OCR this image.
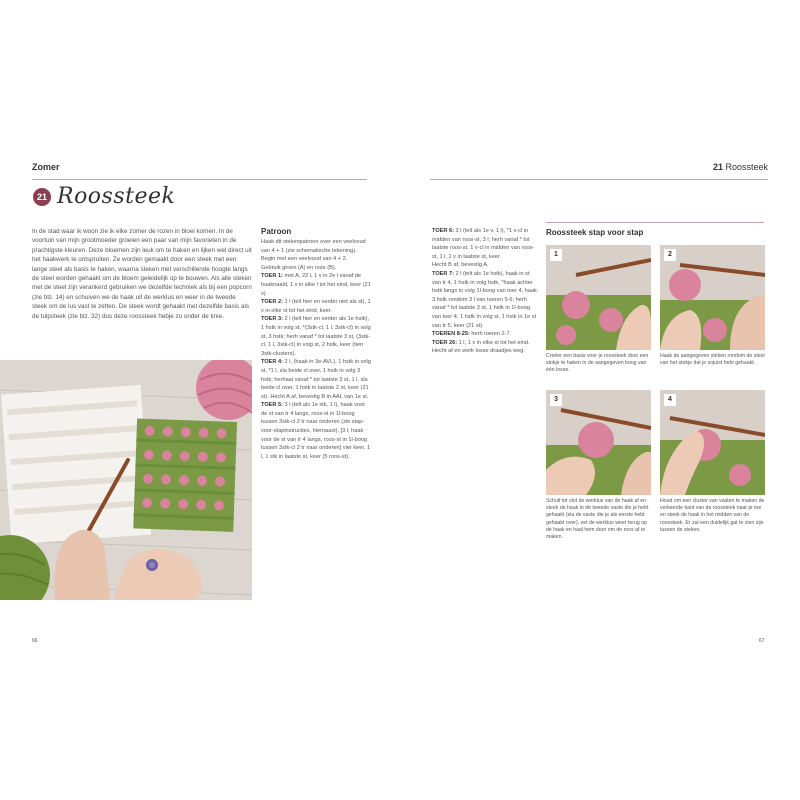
Zomer
21 Roossteek

In de stad waar ik woon zie ik elke zomer de rozen in bloei komen. In de voortuin van mijn grootmoeder groeien een paar van mijn favorieten in de prachtigste kleuren. Deze bloemen zijn leuk om te haken en lijken wel direct uit het haakwerk te ontspruiten. Ze worden gemaakt door een steek met een lange steel als basis te haken, waarna steken met verschillende hoogte langs de steel worden gehaakt om de bloem geleidelijk op te bouwen. Als alle steken met de steel zijn verankerd gebruiken we dezelfde techniek als bij een popcorn (zie blz. 14) en schuiven we de haak uit de werklus en weer in de tweede steek om de lus vast te zetten. De steek wordt gehaakt met dezelfde basis als de tulpsteek (zie blz. 32) dus deze roossteek hebje zo onder de knie.

Patroon

Haak dit stekenpatroon over een veelvoud van 4 + 1 (zie schematische tekening).

Begin met een veelvoud van 4 + 2.

Gebruik groen (A) en roze (B).

TOER 1: met A, 22 l, 1 v in 2e l vanaf de haaknaald, 1 v in elke l tot het eind, keer (21 v).

TOER 2: 1 l (telt hier en verder niet als st), 1 v in elke st tot het eind, keer.

TOER 3: 2 l (telt hier en verder als 1e hstk), 1 hstk in volg st, *(3stk-cl, 1 l, 3stk-cl) in volg st, 3 hstk; herh vanaf * tot laatste 3 st, (3stk-cl, 1 l, 3stk-cl) in volg st, 2 hstk, keer (tien 3stk-clusters).

TOER 4: 2 l, (haak in 3e-AVL), 1 hstk in volg st, *1 l, sla beide cl over, 1 hstk in volg 3 hstk; herhaal vanaf * tot laatste 3 st, 1 l, sla beide cl over, 1 hstk in laatste 2 st, keer (21 st). Hecht A af, bevestig B in AAL van 1e st.

TOER 5: 3 l (telt als 1e stk, 1 l), haak voor de st van tr 4 langs, roos-st in 1l-boog tussen 3stk-cl 2 tr naar onderen (zie stap-voor-stapinstructies, hiernaast), [3 l, haak voor de st van tr 4 langs, roos-st in 1l-boog tussen 3stk-cl 2 tr naar onderen] vier keer, 1 l, 1 stk in laatste st, keer (5 roos-st).

66
21 Roossteek

TOER 6: 3 l (telt als 1e v, 1 l), *1 v-cl in midden van roos-st, 3 l; herh vanaf * tot laatste roos-st, 1 v-cl in midden van roos-st, 1 l, 1 v in laatste st, keer.

Hecht B af, bevestig A.

TOER 7: 2 l (telt als 1e hstk), haak in st van tr 4, 1 hstk in volg hstk, *haak achter hstk langs in volg 1l-boog van toer 4, haak 3 hstk rondom 3 l van toeren 5-6; herh vanaf * tot laatste 3 st, 1 hstk in 1l-boog van toer 4, 1 hstk in volg st, 1 hstk in 1e st van tr 5, keer (21 st).

TOEREN 8-25: herh toeren 2-7.

TOER 26: 1 l, 1 v in elke st tot het eind.

Hecht af en werk losse draadjes weg.

Roossteek stap voor stap
1
Creëer een basis voor je roossteek door een stokje te haken in de aangegeven boog van één losse.
2
Haak de aangegeven steken rondom de steel van het stokje dat je zojuist hebt gehaakt.
3
Schuif tot slot de werklus van de haak af en steek de haak in de tweede vaste die je hebt gehaakt (sla de vaste die je als eerste hebt gehaakt over), zet de werklus weer terug op de haak en haal hem door om de roos af te maken.
4
Houd om een cluster van vasten te maken de verkeerde kant van de roossteek naar je toe en steek de haak in het midden van de roossteek. Er zal een duidelijk gat te zien zijn tussen de steken.
67
